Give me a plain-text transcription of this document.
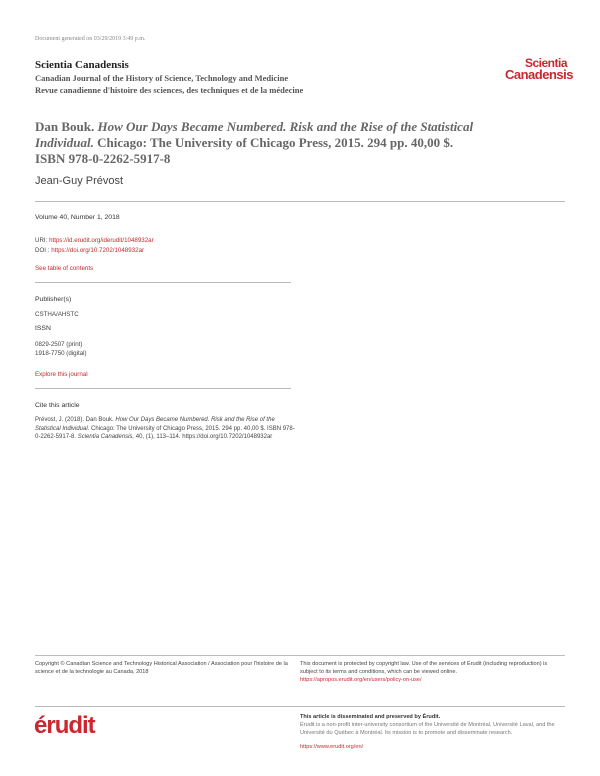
Document generated on 03/29/2019 3:49 p.m.
Scientia Canadensis
Canadian Journal of the History of Science, Technology and Medicine
Revue canadienne d'histoire des sciences, des techniques et de la médecine
Scientia
Canadensis
Dan Bouk. How Our Days Became Numbered. Risk and the Rise of the Statistical Individual. Chicago: The University of Chicago Press, 2015. 294 pp. 40,00 $. ISBN 978-0-2262-5917-8
Jean-Guy Prévost
Volume 40, Number 1, 2018
URI: https://id.erudit.org/iderudit/1048932ar
DOI : https://doi.org/10.7202/1048932ar
See table of contents
Publisher(s)
CSTHA/AHSTC
ISSN
0829-2507 (print)
1918-7750 (digital)
Explore this journal
Cite this article
Prévost, J. (2018). Dan Bouk. How Our Days Became Numbered. Risk and the Rise of the Statistical Individual. Chicago: The University of Chicago Press, 2015. 294 pp. 40,00 $. ISBN 978-0-2262-5917-8. Scientia Canadensis, 40, (1), 113–114. https://doi.org/10.7202/1048932ar
Copyright © Canadian Science and Technology Historical Association / Association pour l'histoire de la science et de la technologie au Canada, 2018
This document is protected by copyright law. Use of the services of Érudit (including reproduction) is subject to its terms and conditions, which can be viewed online.
https://apropos.erudit.org/en/users/policy-on-use/
érudit	This article is disseminated and preserved by Érudit.
Érudit is a non-profit inter-university consortium of the Université de Montréal, Université Laval, and the Université du Québec à Montréal. Its mission is to promote and disseminate research.
https://www.erudit.org/en/
